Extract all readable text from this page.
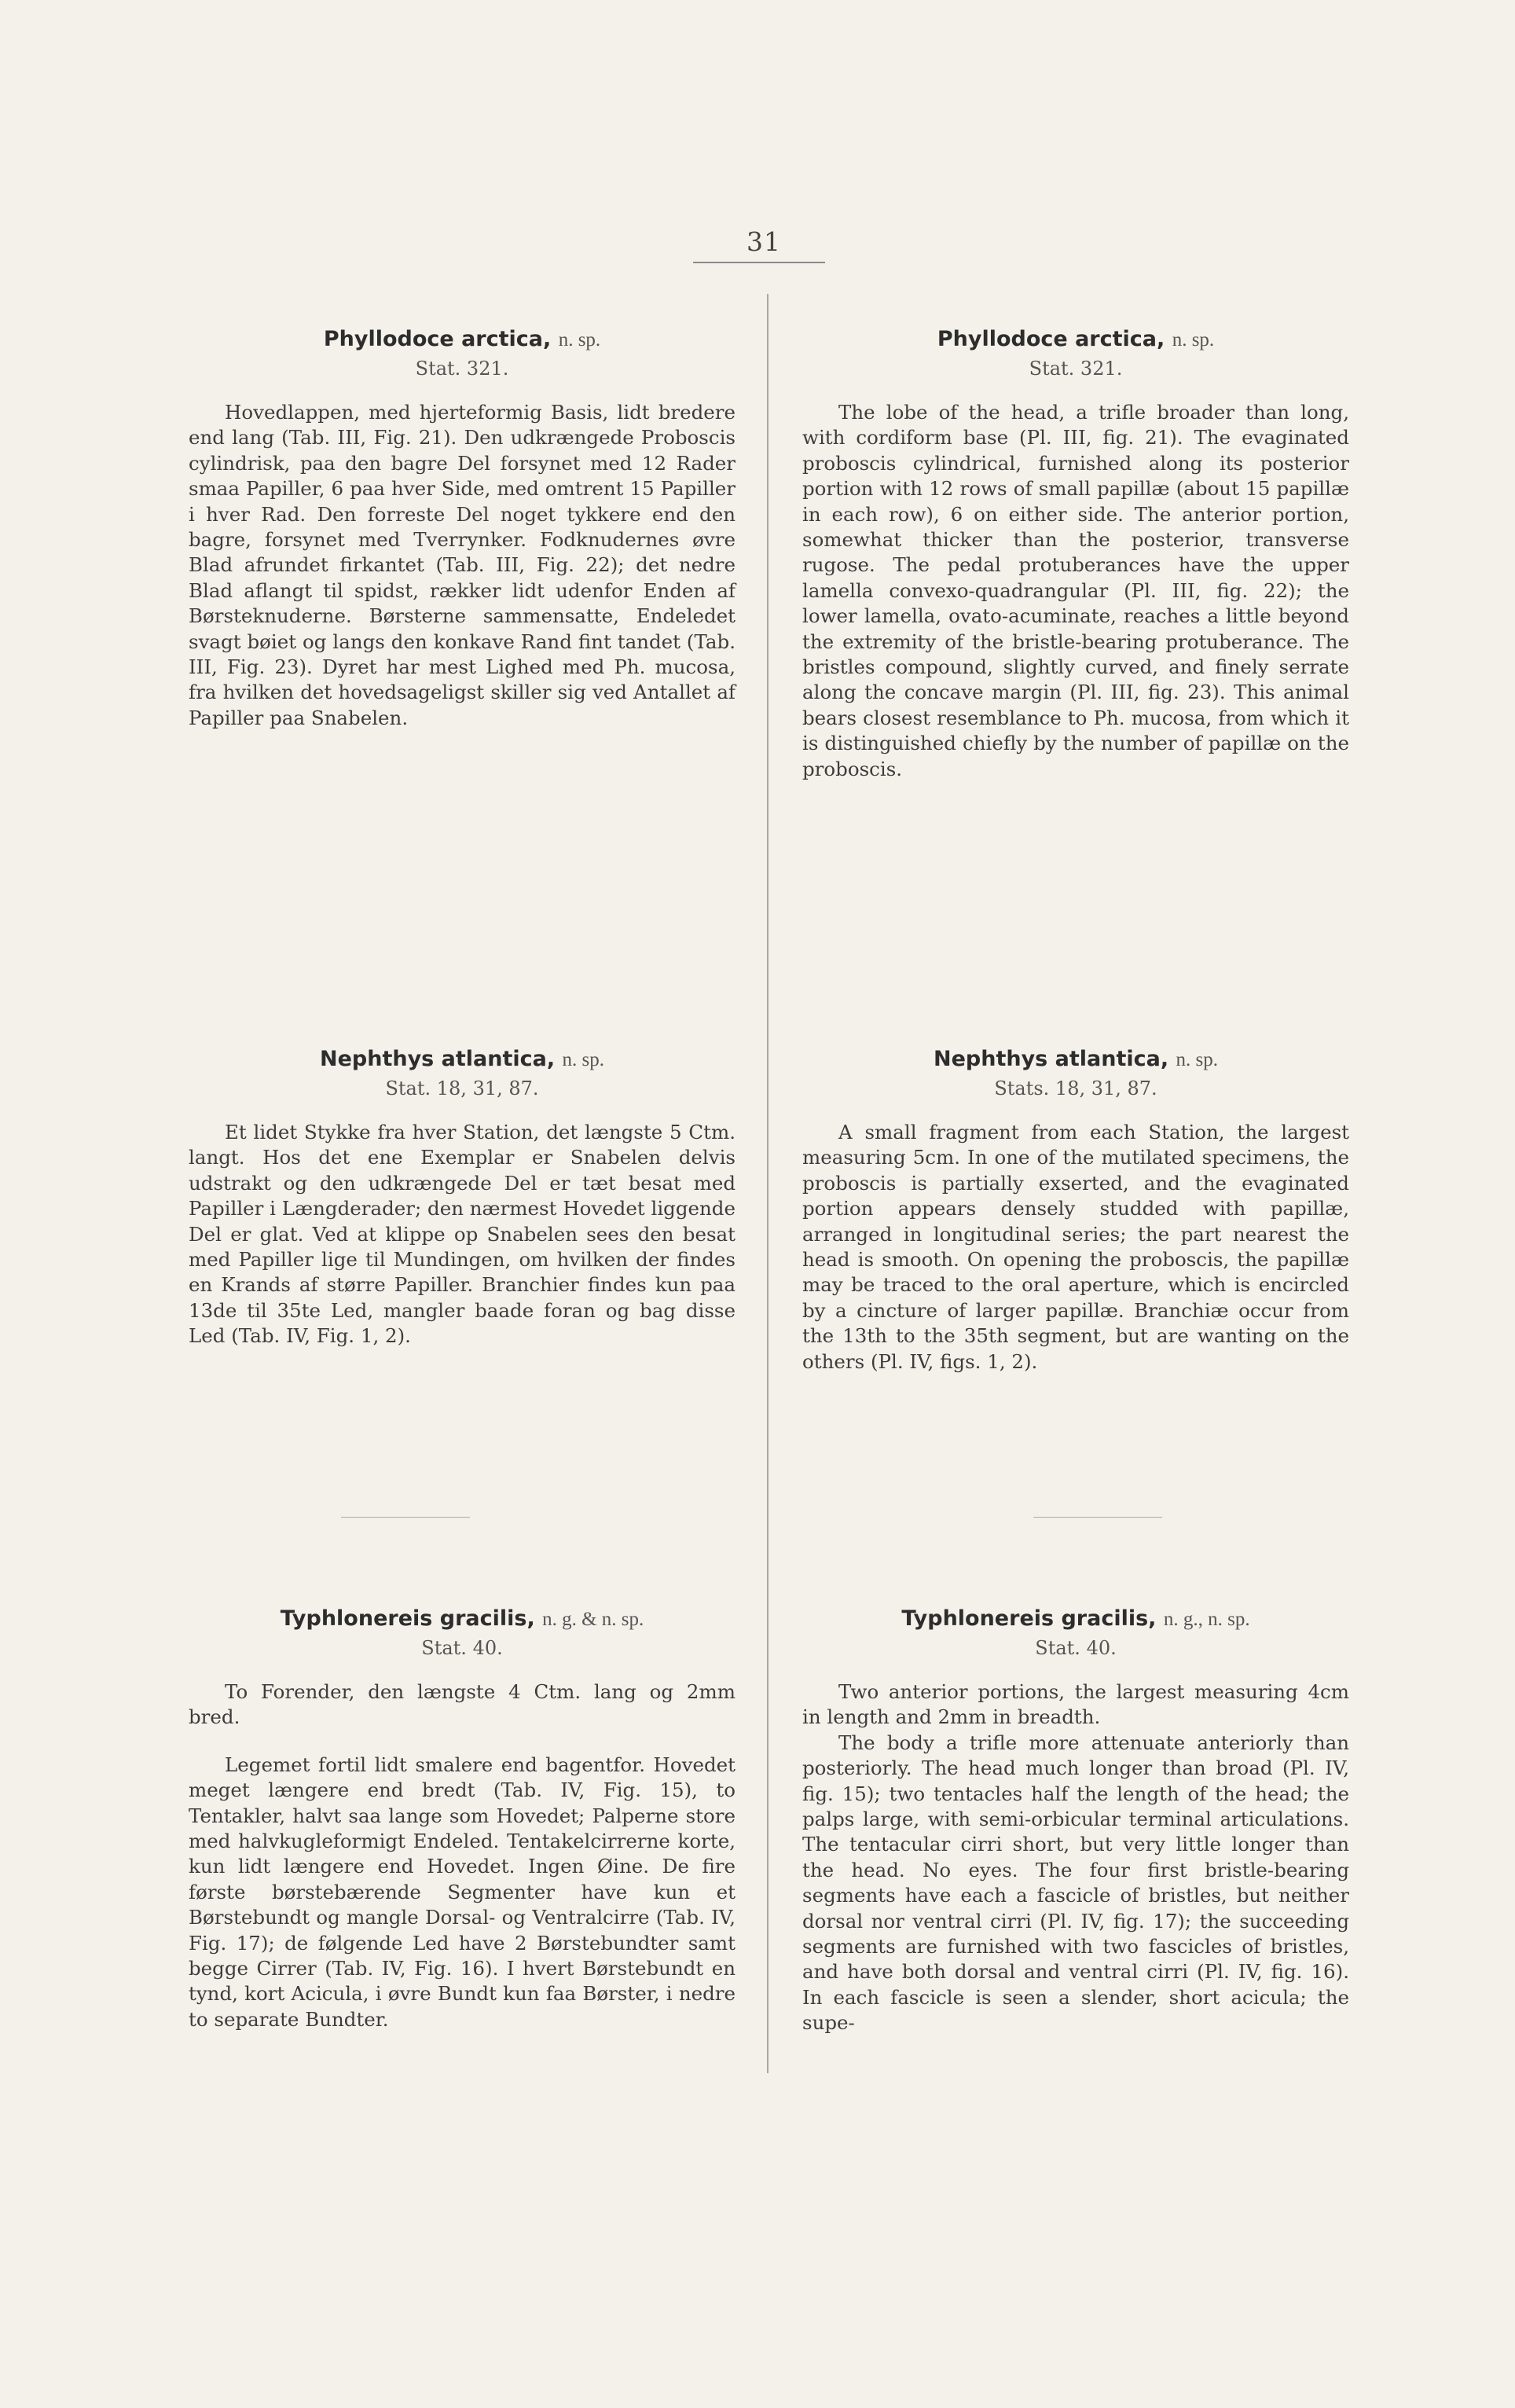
31

Phyllodoce arctica, n. sp.

Stat. 321.

Hovedlappen, med hjerteformig Basis, lidt bredere end lang (Tab. III, Fig. 21). Den udkrængede Proboscis cylindrisk, paa den bagre Del forsynet med 12 Rader smaa Papiller, 6 paa hver Side, med omtrent 15 Papiller i hver Rad. Den forreste Del noget tykkere end den bagre, forsynet med Tverrynker. Fodknudernes øvre Blad afrundet firkantet (Tab. III, Fig. 22); det nedre Blad aflangt til spidst, rækker lidt udenfor Enden af Børsteknuderne. Børsterne sammensatte, Endeledet svagt bøiet og langs den konkave Rand fint tandet (Tab. III, Fig. 23). Dyret har mest Lighed med Ph. mucosa, fra hvilken det hovedsageligst skiller sig ved Antallet af Papiller paa Snabelen.

Phyllodoce arctica, n. sp.

Stat. 321.

The lobe of the head, a trifle broader than long, with cordiform base (Pl. III, fig. 21). The evaginated proboscis cylindrical, furnished along its posterior portion with 12 rows of small papillæ (about 15 papillæ in each row), 6 on either side. The anterior portion, somewhat thicker than the posterior, transverse rugose. The pedal protuberances have the upper lamella convexo-quadrangular (Pl. III, fig. 22); the lower lamella, ovato-acuminate, reaches a little beyond the extremity of the bristle-bearing protuberance. The bristles compound, slightly curved, and finely serrate along the concave margin (Pl. III, fig. 23). This animal bears closest resemblance to Ph. mucosa, from which it is distinguished chiefly by the number of papillæ on the proboscis.

Nephthys atlantica, n. sp.

Stat. 18, 31, 87.

Et lidet Stykke fra hver Station, det længste 5 Ctm. langt. Hos det ene Exemplar er Snabelen delvis udstrakt og den udkrængede Del er tæt besat med Papiller i Længderader; den nærmest Hovedet liggende Del er glat. Ved at klippe op Snabelen sees den besat med Papiller lige til Mundingen, om hvilken der findes en Krands af større Papiller. Branchier findes kun paa 13de til 35te Led, mangler baade foran og bag disse Led (Tab. IV, Fig. 1, 2).

Nephthys atlantica, n. sp.

Stats. 18, 31, 87.

A small fragment from each Station, the largest measuring 5cm. In one of the mutilated specimens, the proboscis is partially exserted, and the evaginated portion appears densely studded with papillæ, arranged in longitudinal series; the part nearest the head is smooth. On opening the proboscis, the papillæ may be traced to the oral aperture, which is encircled by a cincture of larger papillæ. Branchiæ occur from the 13th to the 35th segment, but are wanting on the others (Pl. IV, figs. 1, 2).

Typhlonereis gracilis, n. g. & n. sp.

Stat. 40.

To Forender, den længste 4 Ctm. lang og 2mm bred.

Legemet fortil lidt smalere end bagentfor. Hovedet meget længere end bredt (Tab. IV, Fig. 15), to Tentakler, halvt saa lange som Hovedet; Palperne store med halvkugleformigt Endeled. Tentakelcirrerne korte, kun lidt længere end Hovedet. Ingen Øine. De fire første børstebærende Segmenter have kun et Børstebundt og mangle Dorsal- og Ventralcirre (Tab. IV, Fig. 17); de følgende Led have 2 Børstebundter samt begge Cirrer (Tab. IV, Fig. 16). I hvert Børstebundt en tynd, kort Acicula, i øvre Bundt kun faa Børster, i nedre to separate Bundter.

Typhlonereis gracilis, n. g., n. sp.

Stat. 40.

Two anterior portions, the largest measuring 4cm in length and 2mm in breadth.

The body a trifle more attenuate anteriorly than posteriorly. The head much longer than broad (Pl. IV, fig. 15); two tentacles half the length of the head; the palps large, with semi-orbicular terminal articulations. The tentacular cirri short, but very little longer than the head. No eyes. The four first bristle-bearing segments have each a fascicle of bristles, but neither dorsal nor ventral cirri (Pl. IV, fig. 17); the succeeding segments are furnished with two fascicles of bristles, and have both dorsal and ventral cirri (Pl. IV, fig. 16). In each fascicle is seen a slender, short acicula; the supe-
